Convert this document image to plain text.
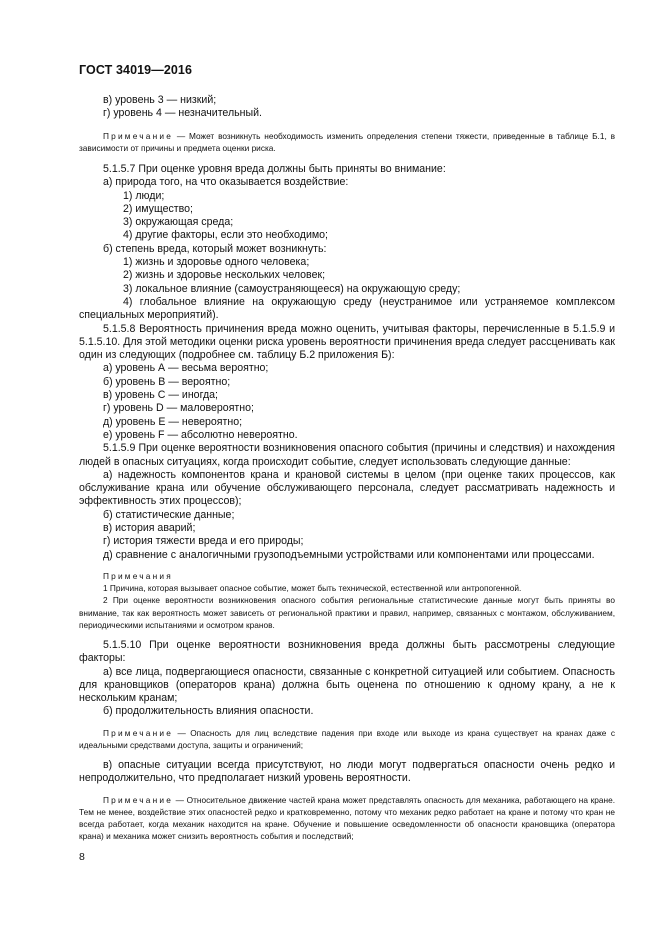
ГОСТ 34019—2016

в) уровень 3 — низкий;

г) уровень 4 — незначительный.

Примечание — Может возникнуть необходимость изменить определения степени тяжести, приведенные в таблице Б.1, в зависимости от причины и предмета оценки риска.

5.1.5.7 При оценке уровня вреда должны быть приняты во внимание:

а) природа того, на что оказывается воздействие:

1) люди;

2) имущество;

3) окружающая среда;

4) другие факторы, если это необходимо;

б) степень вреда, который может возникнуть:

1) жизнь и здоровье одного человека;

2) жизнь и здоровье нескольких человек;

3) локальное влияние (самоустраняющееся) на окружающую среду;

4) глобальное влияние на окружающую среду (неустранимое или устраняемое комплексом специальных мероприятий).

5.1.5.8 Вероятность причинения вреда можно оценить, учитывая факторы, перечисленные в 5.1.5.9 и 5.1.5.10. Для этой методики оценки риска уровень вероятности причинения вреда следует рассценивать как один из следующих (подробнее см. таблицу Б.2 приложения Б):

а) уровень А — весьма вероятно;

б) уровень В — вероятно;

в) уровень С — иногда;

г) уровень D — маловероятно;

д) уровень Е — невероятно;

е) уровень F — абсолютно невероятно.

5.1.5.9 При оценке вероятности возникновения опасного события (причины и следствия) и нахождения людей в опасных ситуациях, когда происходит событие, следует использовать следующие данные:

а) надежность компонентов крана и крановой системы в целом (при оценке таких процессов, как обслуживание крана или обучение обслуживающего персонала, следует рассматривать надежность и эффективность этих процессов);

б) статистические данные;

в) история аварий;

г) история тяжести вреда и его природы;

д) сравнение с аналогичными грузоподъемными устройствами или компонентами или процессами.

Примечания

1 Причина, которая вызывает опасное событие, может быть технической, естественной или антропогенной.

2 При оценке вероятности возникновения опасного события региональные статистические данные могут быть приняты во внимание, так как вероятность может зависеть от региональной практики и правил, например, связанных с монтажом, обслуживанием, периодическими испытаниями и осмотром кранов.

5.1.5.10 При оценке вероятности возникновения вреда должны быть рассмотрены следующие факторы:

а) все лица, подвергающиеся опасности, связанные с конкретной ситуацией или событием. Опасность для крановщиков (операторов крана) должна быть оценена по отношению к одному крану, а не к нескольким кранам;

б) продолжительность влияния опасности.

Примечание — Опасность для лиц вследствие падения при входе или выходе из крана существует на кранах даже с идеальными средствами доступа, защиты и ограничений;

в) опасные ситуации всегда присутствуют, но люди могут подвергаться опасности очень редко и непродолжительно, что предполагает низкий уровень вероятности.

Примечание — Относительное движение частей крана может представлять опасность для механика, работающего на кране. Тем не менее, воздействие этих опасностей редко и кратковременно, потому что механик редко работает на кране и потому что кран не всегда работает, когда механик находится на кране. Обучение и повышение осведомленности об опасности крановщика (оператора крана) и механика может снизить вероятность события и последствий;

8
